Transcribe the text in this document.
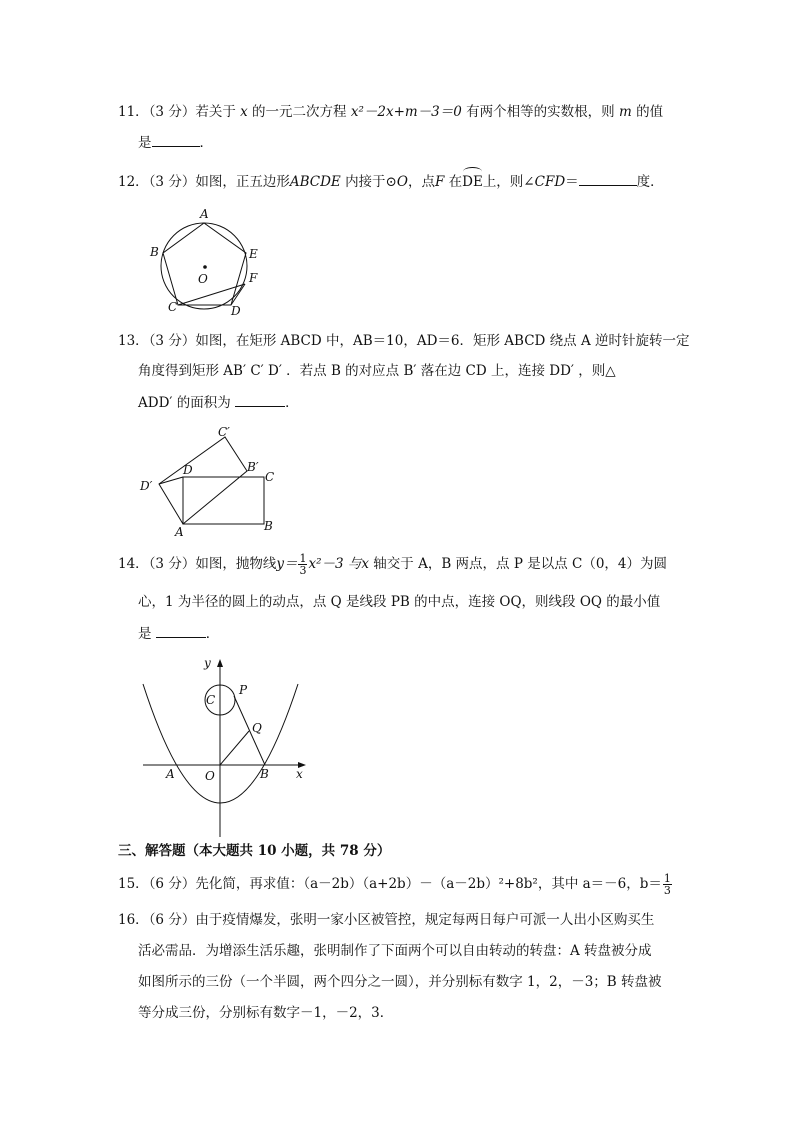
11．（3 分）若关于 x 的一元二次方程 x²－2x+m－3＝0 有两个相等的实数根，则 m 的值
是	．
12．（3 分）如图，正五边形ABCDE 内接于⊙O，点F 在DE上，则∠CFD＝	度．
A
B
C	D
E
F
O
13．（3 分）如图，在矩形 ABCD 中，AB＝10，AD＝6．矩形 ABCD 绕点 A 逆时针旋转一定
角度得到矩形 AB′ C′ D′ ．若点 B 的对应点 B′ 落在边 CD 上，连接 DD′ ，则△
ADD′ 的面积为	．
A	B
C
D	B′
C′
D′
14．（3 分）如图，抛物线$y= \frac{1}{3} x^2-3$ 与x 轴交于 A，B 两点，点 P 是以点 C（0，4）为圆
心，1 为半径的圆上的动点，点 Q 是线段 PB 的中点，连接 OQ，则线段 OQ 的最小值
是	．
y
x
C
P
Q
A	B
O
三、解答题（本大题共 10 小题，共 78 分）
15．（6 分）先化简，再求值：（a－2b）（a+2b）－（a－2b）²+8b²，其中 a＝－6，$b= \frac{1}{3}$
16．（6 分）由于疫情爆发，张明一家小区被管控，规定每两日每户可派一人出小区购买生
活必需品．为增添生活乐趣，张明制作了下面两个可以自由转动的转盘：A 转盘被分成
如图所示的三份（一个半圆，两个四分之一圆），并分别标有数字 1，2，－3；B 转盘被
等分成三份，分别标有数字－1，－2，3．
